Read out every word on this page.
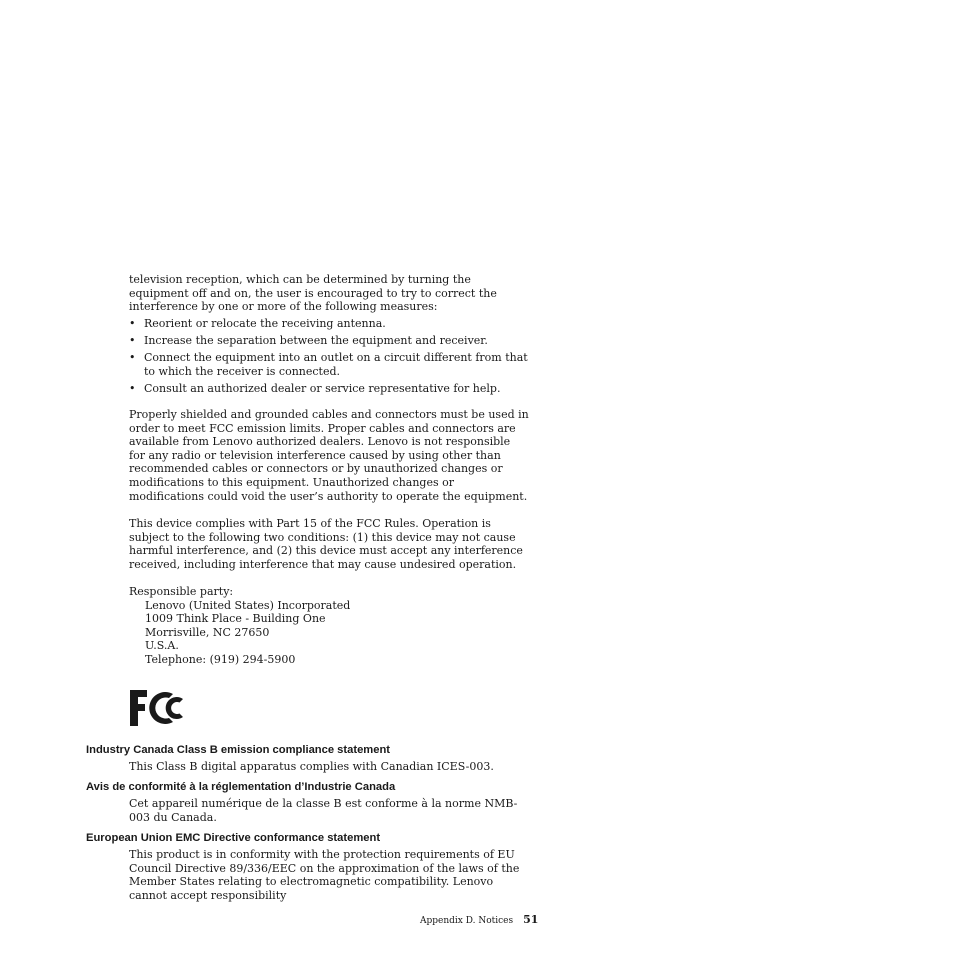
television reception, which can be determined by turning the equipment off and on, the user is encouraged to try to correct the interference by one or more of the following measures:

• Reorient or relocate the receiving antenna.
• Increase the separation between the equipment and receiver.
• Connect the equipment into an outlet on a circuit different from that to which the receiver is connected.
• Consult an authorized dealer or service representative for help.

Properly shielded and grounded cables and connectors must be used in order to meet FCC emission limits. Proper cables and connectors are available from Lenovo authorized dealers. Lenovo is not responsible for any radio or television interference caused by using other than recommended cables or connectors or by unauthorized changes or modifications to this equipment. Unauthorized changes or modifications could void the user’s authority to operate the equipment.

This device complies with Part 15 of the FCC Rules. Operation is subject to the following two conditions: (1) this device may not cause harmful interference, and (2) this device must accept any interference received, including interference that may cause undesired operation.

Responsible party:
Lenovo (United States) Incorporated
1009 Think Place - Building One
Morrisville, NC 27650
U.S.A.
Telephone: (919) 294-5900
Industry Canada Class B emission compliance statement

This Class B digital apparatus complies with Canadian ICES-003.

Avis de conformité à la réglementation d’Industrie Canada

Cet appareil numérique de la classe B est conforme à la norme NMB-003 du Canada.

European Union EMC Directive conformance statement

This product is in conformity with the protection requirements of EU Council Directive 89/336/EEC on the approximation of the laws of the Member States relating to electromagnetic compatibility. Lenovo cannot accept responsibility

Appendix D. Notices 51
